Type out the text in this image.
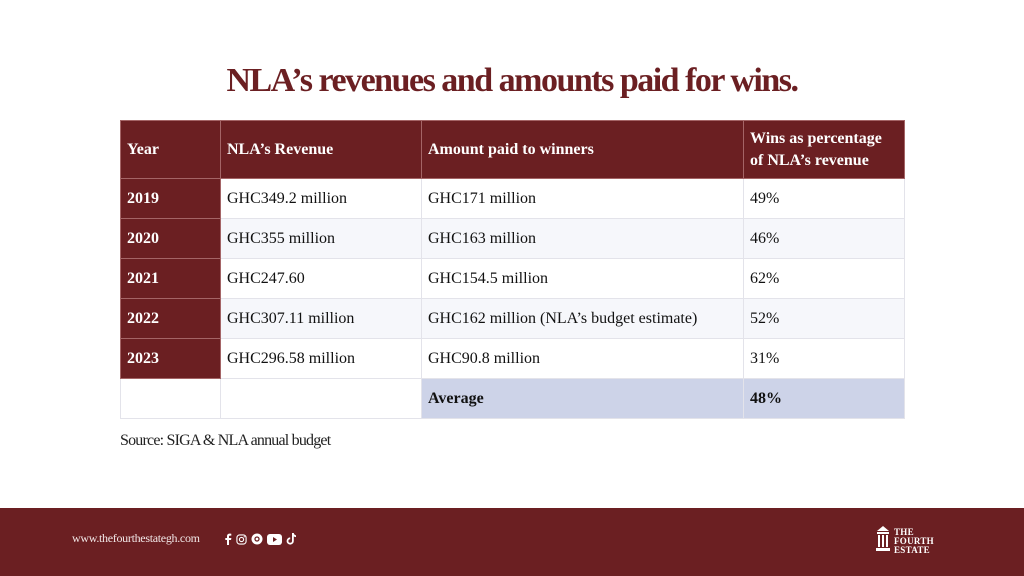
NLA’s revenues and amounts paid for wins.
Year	NLA’s Revenue	Amount paid to winners	Wins as percentage of NLA’s revenue
2019	GHC349.2 million	GHC171 million	49%
2020	GHC355 million	GHC163 million	46%
2021	GHC247.60	GHC154.5 million	62%
2022	GHC307.11 million	GHC162 million (NLA’s budget estimate)	52%
2023	GHC296.58 million	GHC90.8 million	31%
		Average	48%
Source: SIGA & NLA annual budget
www.thefourthestategh.com	THE
FOURTH
ESTATE
